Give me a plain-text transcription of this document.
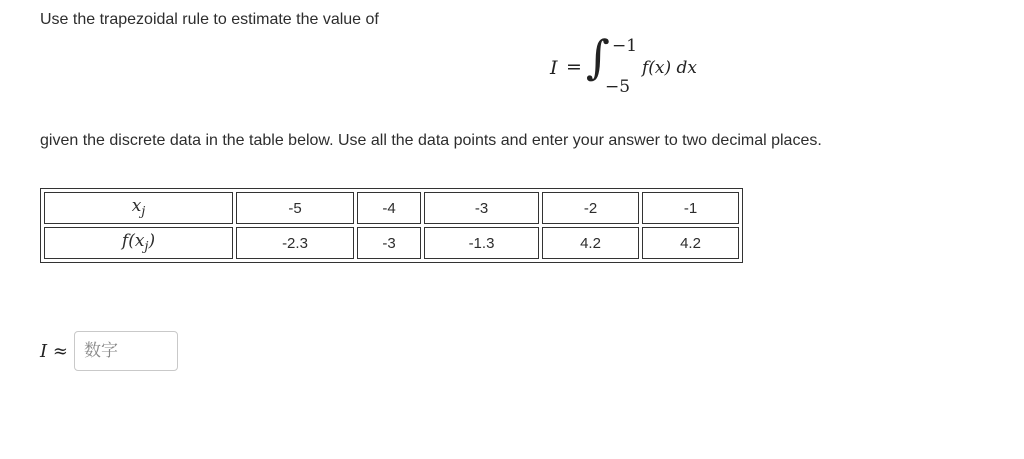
Use the trapezoidal rule to estimate the value of
I = ∫ −1
−5
f(x) dx
given the discrete data in the table below. Use all the data points and enter your answer to two decimal places.
$x_j$	-5	-4	-3	-2	-1
$f(x_j)$	-2.3	-3	-1.3	4.2	4.2
I ≈
数字
